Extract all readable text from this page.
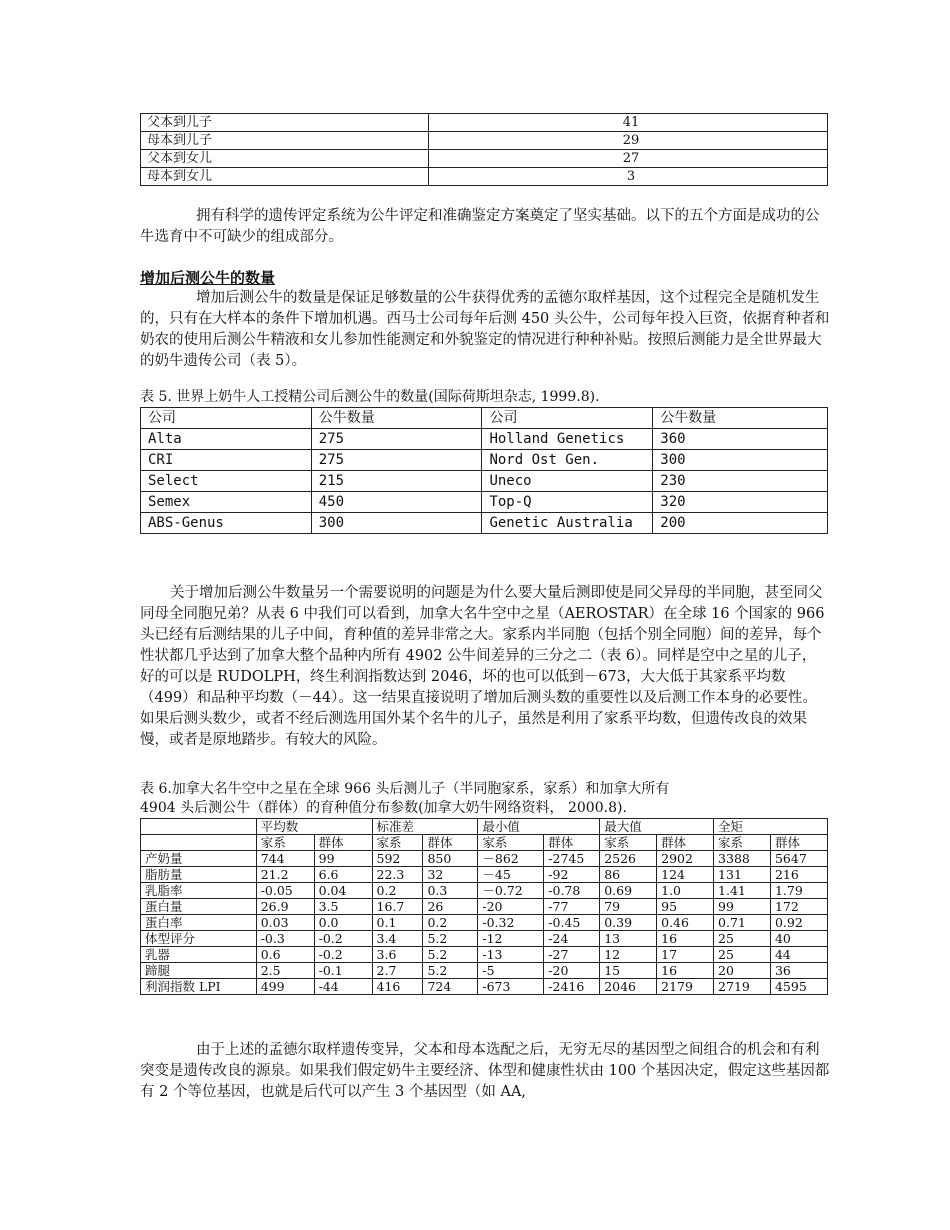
父本到儿子	41
母本到儿子	29
父本到女儿	27
母本到女儿	3

拥有科学的遗传评定系统为公牛评定和准确鉴定方案奠定了坚实基础。以下的五个方面是成功的公牛选育中不可缺少的组成部分。

增加后测公牛的数量

增加后测公牛的数量是保证足够数量的公牛获得优秀的孟德尔取样基因，这个过程完全是随机发生的，只有在大样本的条件下增加机遇。西马士公司每年后测 450 头公牛，公司每年投入巨资，依据育种者和奶农的使用后测公牛精液和女儿参加性能测定和外貌鉴定的情况进行种种补贴。按照后测能力是全世界最大的奶牛遗传公司（表 5）。

表 5. 世界上奶牛人工授精公司后测公牛的数量(国际荷斯坦杂志, 1999.8).
公司	公牛数量	公司	公牛数量
Alta	275	Holland Genetics	360
CRI	275	Nord Ost Gen.	300
Select	215	Uneco	230
Semex	450	Top-Q	320
ABS-Genus	300	Genetic Australia	200

关于增加后测公牛数量另一个需要说明的问题是为什么要大量后测即使是同父异母的半同胞，甚至同父同母全同胞兄弟？从表 6 中我们可以看到，加拿大名牛空中之星（AEROSTAR）在全球 16 个国家的 966 头已经有后测结果的儿子中间，育种值的差异非常之大。家系内半同胞（包括个别全同胞）间的差异，每个性状都几乎达到了加拿大整个品种内所有 4902 公牛间差异的三分之二（表 6）。同样是空中之星的儿子，好的可以是 RUDOLPH，终生利润指数达到 2046，坏的也可以低到－673，大大低于其家系平均数（499）和品种平均数（－44）。这一结果直接说明了增加后测头数的重要性以及后测工作本身的必要性。如果后测头数少，或者不经后测选用国外某个名牛的儿子，虽然是利用了家系平均数，但遗传改良的效果慢，或者是原地踏步。有较大的风险。

表 6.加拿大名牛空中之星在全球 966 头后测儿子（半同胞家系，家系）和加拿大所有
4904 头后测公牛（群体）的育种值分布参数(加拿大奶牛网络资料， 2000.8).
	平均数		标准差		最小值		最大值		全矩	
	家系	群体	家系	群体	家系	群体	家系	群体	家系	群体
产奶量	744	99	592	850	－862	-2745	2526	2902	3388	5647
脂肪量	21.2	6.6	22.3	32	－45	-92	86	124	131	216
乳脂率	-0.05	0.04	0.2	0.3	－0.72	-0.78	0.69	1.0	1.41	1.79
蛋白量	26.9	3.5	16.7	26	-20	-77	79	95	99	172
蛋白率	0.03	0.0	0.1	0.2	-0.32	-0.45	0.39	0.46	0.71	0.92
体型评分	-0.3	-0.2	3.4	5.2	-12	-24	13	16	25	40
乳器	0.6	-0.2	3.6	5.2	-13	-27	12	17	25	44
蹄腿	2.5	-0.1	2.7	5.2	-5	-20	15	16	20	36
利润指数 LPI	499	-44	416	724	-673	-2416	2046	2179	2719	4595

由于上述的孟德尔取样遗传变异，父本和母本选配之后，无穷无尽的基因型之间组合的机会和有利突变是遗传改良的源泉。如果我们假定奶牛主要经济、体型和健康性状由 100 个基因决定，假定这些基因都有 2 个等位基因，也就是后代可以产生 3 个基因型（如 AA,
